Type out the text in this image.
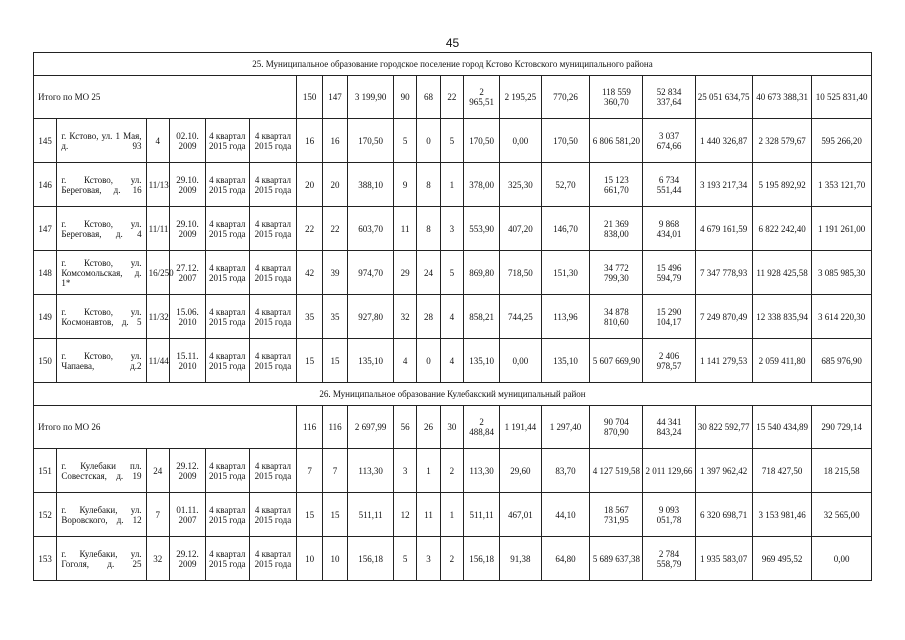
45
25. Муниципальное образование городское поселение город Кстово Кстовского муниципального района																			
Итого по МО 25						150	147	3 199,90	90	68	22	2 965,51	2 195,25	770,26	118 559 360,70	52 834 337,64	25 051 634,75	40 673 388,31	10 525 831,40
145	г. Кстово, ул. 1 Мая, д. 93	4	02.10. 2009	4 квартал 2015 года	4 квартал 2015 года	16	16	170,50	5	0	5	170,50	0,00	170,50	6 806 581,20	3 037 674,66	1 440 326,87	2 328 579,67	595 266,20
146	г. Кстово, ул. Береговая, д. 16	11/13	29.10. 2009	4 квартал 2015 года	4 квартал 2015 года	20	20	388,10	9	8	1	378,00	325,30	52,70	15 123 661,70	6 734 551,44	3 193 217,34	5 195 892,92	1 353 121,70
147	г. Кстово, ул. Береговая, д. 4	11/11	29.10. 2009	4 квартал 2015 года	4 квартал 2015 года	22	22	603,70	11	8	3	553,90	407,20	146,70	21 369 838,00	9 868 434,01	4 679 161,59	6 822 242,40	1 191 261,00
148	г. Кстово, ул. Комсомольская, д. 1*	16/250	27.12. 2007	4 квартал 2015 года	4 квартал 2015 года	42	39	974,70	29	24	5	869,80	718,50	151,30	34 772 799,30	15 496 594,79	7 347 778,93	11 928 425,58	3 085 985,30
149	г. Кстово, ул. Космонавтов, д. 5	11/32	15.06. 2010	4 квартал 2015 года	4 квартал 2015 года	35	35	927,80	32	28	4	858,21	744,25	113,96	34 878 810,60	15 290 104,17	7 249 870,49	12 338 835,94	3 614 220,30
150	г. Кстово, ул. Чапаева, д.2	11/44	15.11. 2010	4 квартал 2015 года	4 квартал 2015 года	15	15	135,10	4	0	4	135,10	0,00	135,10	5 607 669,90	2 406 978,57	1 141 279,53	2 059 411,80	685 976,90
26. Муниципальное образование Кулебакский муниципальный район																			
Итого по МО 26						116	116	2 697,99	56	26	30	2 488,84	1 191,44	1 297,40	90 704 870,90	44 341 843,24	30 822 592,77	15 540 434,89	290 729,14
151	г. Кулебаки пл. Совестская, д. 19	24	29.12. 2009	4 квартал 2015 года	4 квартал 2015 года	7	7	113,30	3	1	2	113,30	29,60	83,70	4 127 519,58	2 011 129,66	1 397 962,42	718 427,50	18 215,58
152	г. Кулебаки, ул. Воровского, д. 12	7	01.11. 2007	4 квартал 2015 года	4 квартал 2015 года	15	15	511,11	12	11	1	511,11	467,01	44,10	18 567 731,95	9 093 051,78	6 320 698,71	3 153 981,46	32 565,00
153	г. Кулебаки, ул. Гоголя, д. 25	32	29.12. 2009	4 квартал 2015 года	4 квартал 2015 года	10	10	156,18	5	3	2	156,18	91,38	64,80	5 689 637,38	2 784 558,79	1 935 583,07	969 495,52	0,00
